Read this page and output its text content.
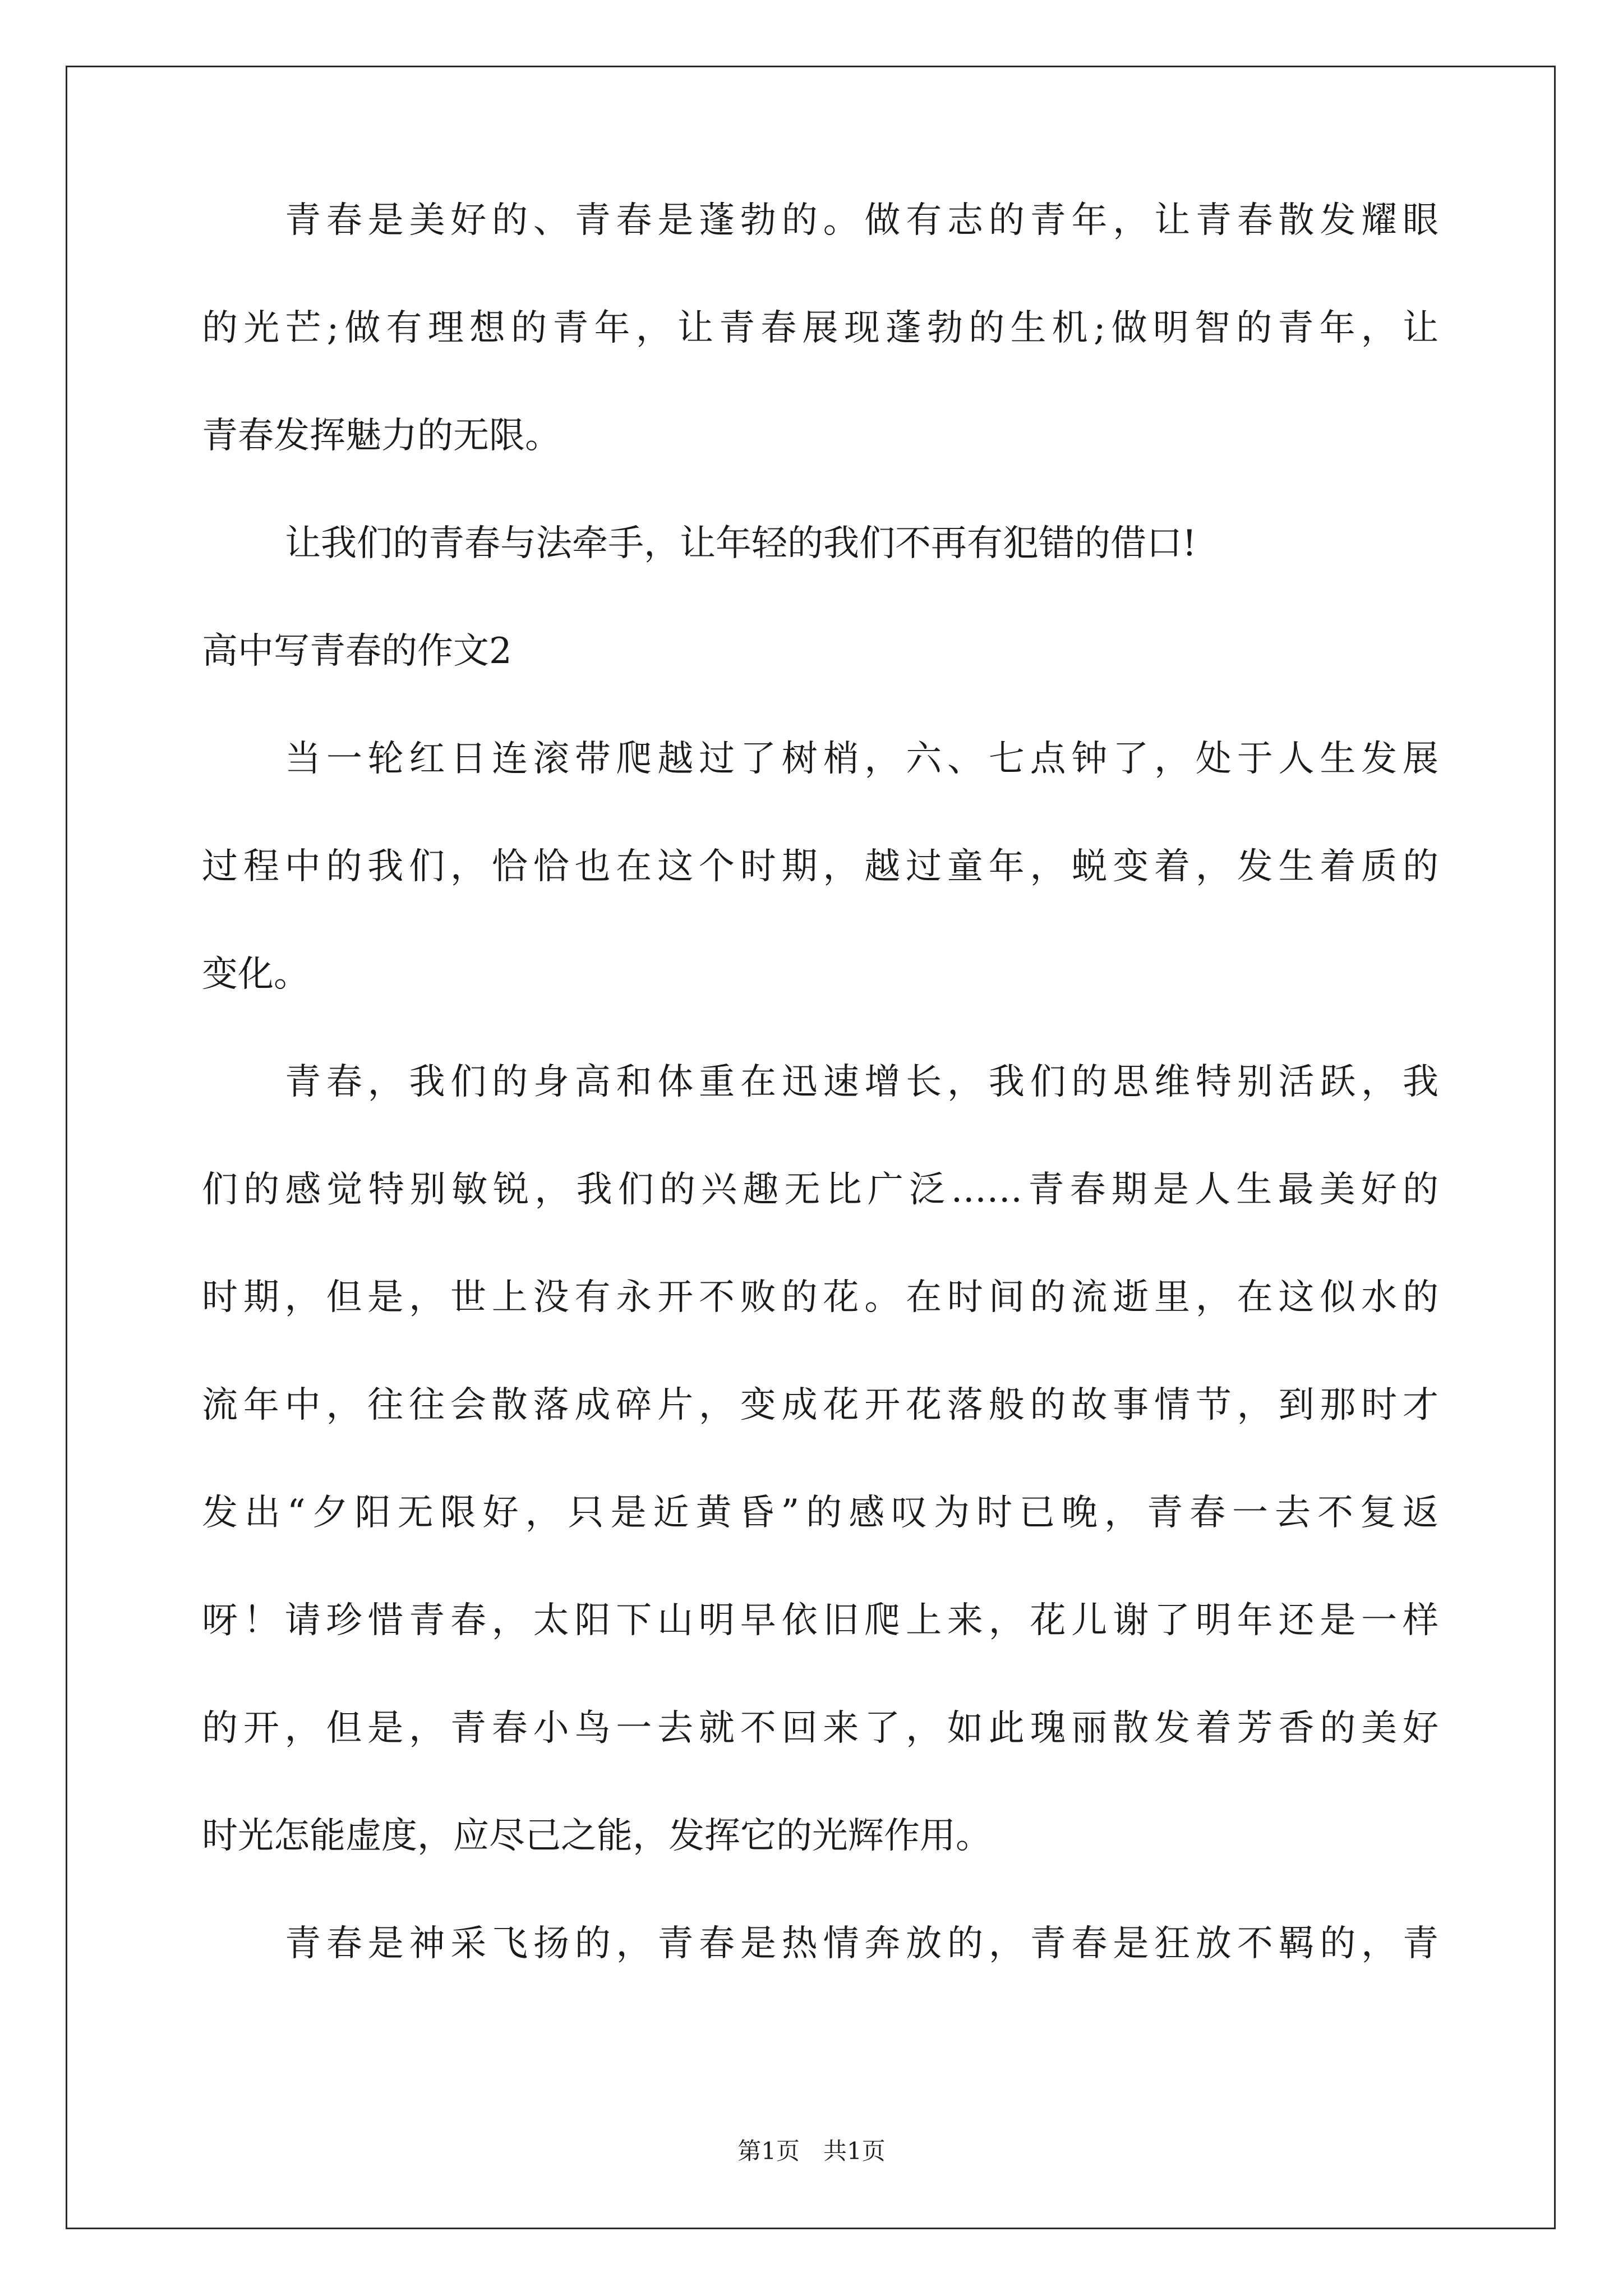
青春是美好的、青春是蓬勃的。做有志的青年，让青春散发耀眼
的光芒;做有理想的青年，让青春展现蓬勃的生机;做明智的青年，让
青春发挥魅力的无限。
让我们的青春与法牵手，让年轻的我们不再有犯错的借口!
高中写青春的作文2
当一轮红日连滚带爬越过了树梢，六、七点钟了，处于人生发展
过程中的我们，恰恰也在这个时期，越过童年，蜕变着，发生着质的
变化。
青春，我们的身高和体重在迅速增长，我们的思维特别活跃，我
们的感觉特别敏锐，我们的兴趣无比广泛……青春期是人生最美好的
时期，但是，世上没有永开不败的花。在时间的流逝里，在这似水的
流年中，往往会散落成碎片，变成花开花落般的故事情节，到那时才
发出“夕阳无限好，只是近黄昏”的感叹为时已晚，青春一去不复返
呀！请珍惜青春，太阳下山明早依旧爬上来，花儿谢了明年还是一样
的开，但是，青春小鸟一去就不回来了，如此瑰丽散发着芳香的美好
时光怎能虚度，应尽己之能，发挥它的光辉作用。
青春是神采飞扬的，青春是热情奔放的，青春是狂放不羁的，青
第1页　共1页
